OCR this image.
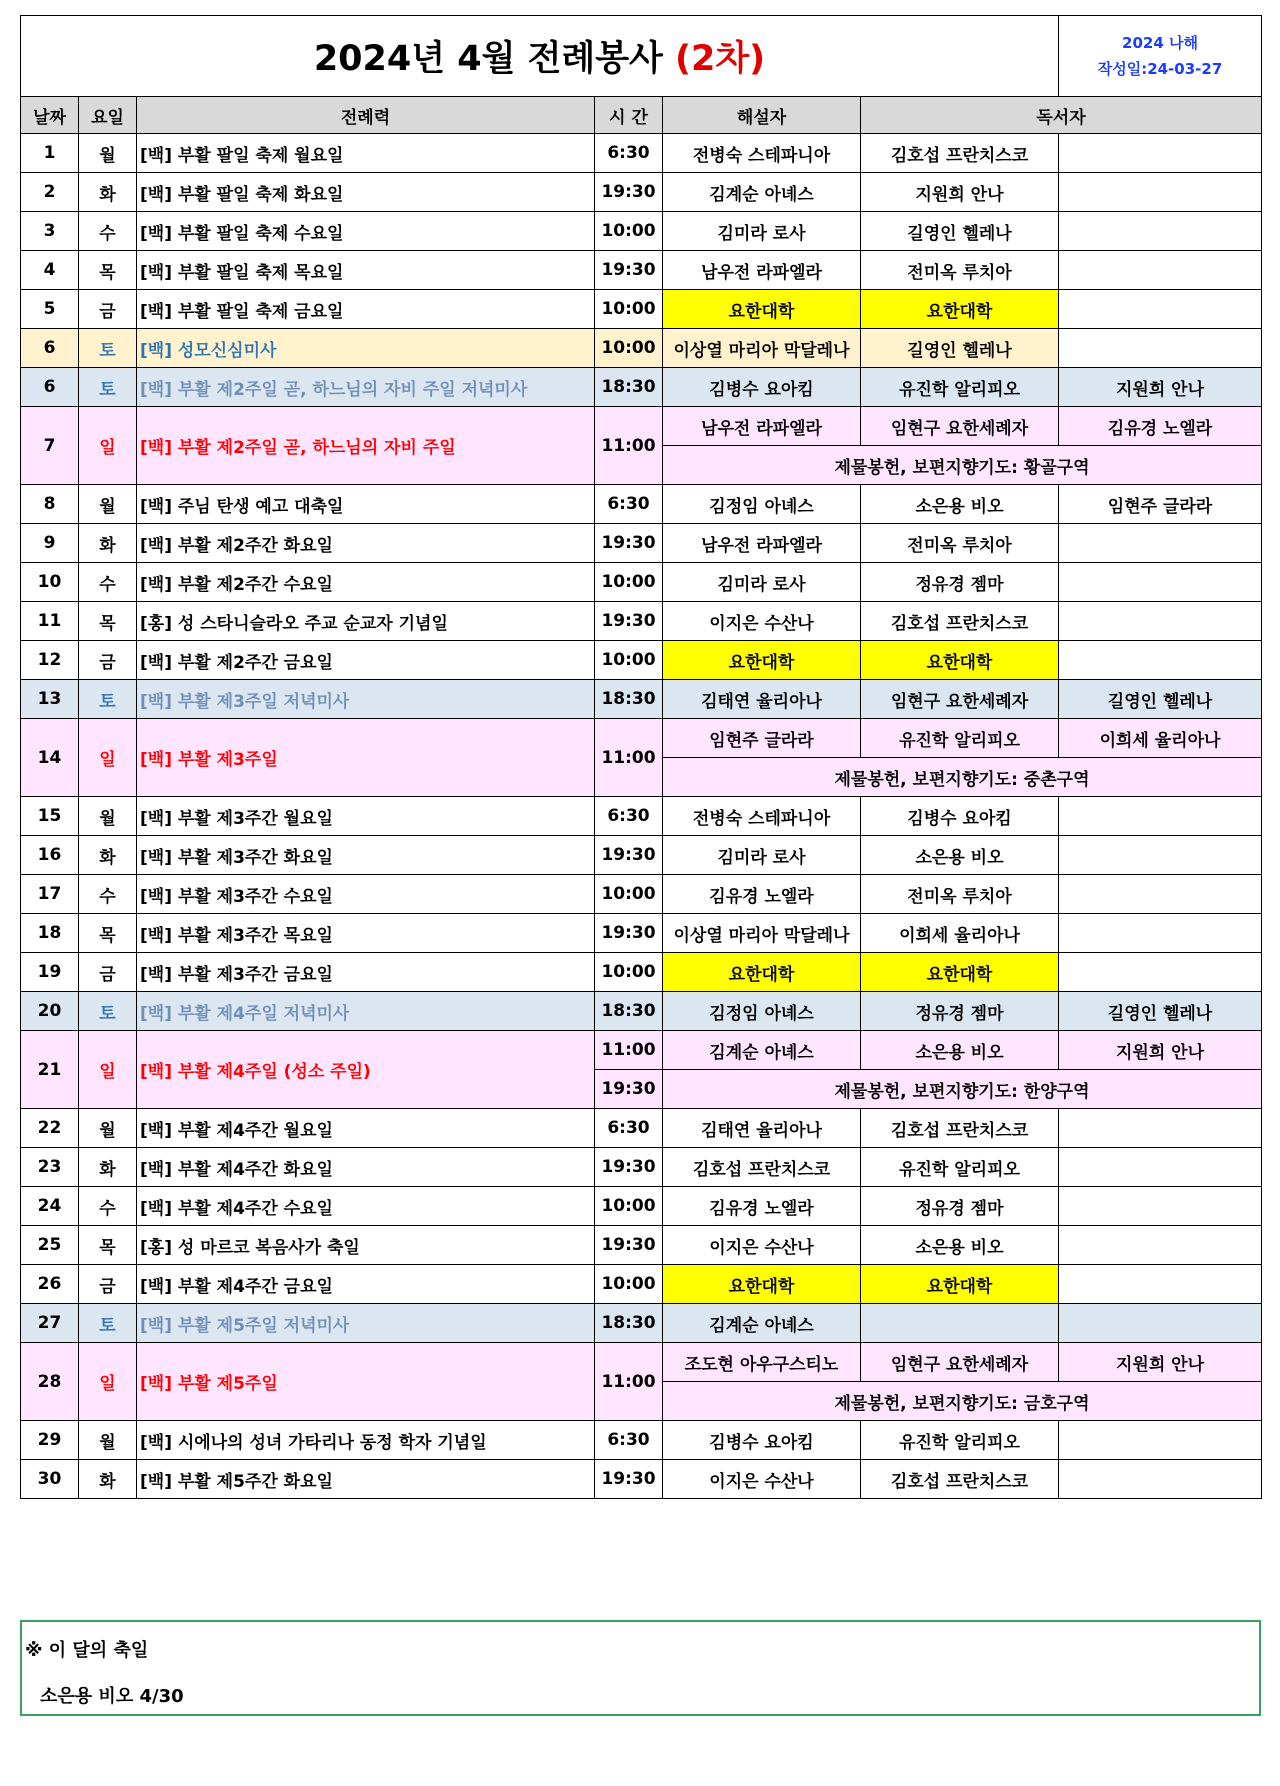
2024년 4월 전례봉사 (2차)						2024 나해
작성일:24-03-27

날짜	요일	전례력	시 간	해설자	독서자	
1	월	[백] 부활 팔일 축제 월요일	6:30	전병숙 스테파니아	김호섭 프란치스코	
2	화	[백] 부활 팔일 축제 화요일	19:30	김계순 아녜스	지원희 안나	
3	수	[백] 부활 팔일 축제 수요일	10:00	김미라 로사	길영인 헬레나	
4	목	[백] 부활 팔일 축제 목요일	19:30	남우전 라파엘라	전미옥 루치아	
5	금	[백] 부활 팔일 축제 금요일	10:00	요한대학	요한대학	
6	토	[백] 성모신심미사	10:00	이상열 마리아 막달레나	길영인 헬레나	
6	토	[백] 부활 제2주일 곧, 하느님의 자비 주일 저녁미사	18:30	김병수 요아킴	유진학 알리피오	지원희 안나
7	일	[백] 부활 제2주일 곧, 하느님의 자비 주일	11:00	남우전 라파엘라	임현구 요한세례자	김유경 노엘라
				제물봉헌, 보편지향기도: 황골구역		
8	월	[백] 주님 탄생 예고 대축일	6:30	김정임 아녜스	소은용 비오	임현주 글라라
9	화	[백] 부활 제2주간 화요일	19:30	남우전 라파엘라	전미옥 루치아	
10	수	[백] 부활 제2주간 수요일	10:00	김미라 로사	정유경 젬마	
11	목	[홍] 성 스타니슬라오 주교 순교자 기념일	19:30	이지은 수산나	김호섭 프란치스코	
12	금	[백] 부활 제2주간 금요일	10:00	요한대학	요한대학	
13	토	[백] 부활 제3주일 저녁미사	18:30	김태연 율리아나	임현구 요한세례자	길영인 헬레나
14	일	[백] 부활 제3주일	11:00	임현주 글라라	유진학 알리피오	이희세 율리아나
				제물봉헌, 보편지향기도: 중촌구역		
15	월	[백] 부활 제3주간 월요일	6:30	전병숙 스테파니아	김병수 요아킴	
16	화	[백] 부활 제3주간 화요일	19:30	김미라 로사	소은용 비오	
17	수	[백] 부활 제3주간 수요일	10:00	김유경 노엘라	전미옥 루치아	
18	목	[백] 부활 제3주간 목요일	19:30	이상열 마리아 막달레나	이희세 율리아나	
19	금	[백] 부활 제3주간 금요일	10:00	요한대학	요한대학	
20	토	[백] 부활 제4주일 저녁미사	18:30	김정임 아녜스	정유경 젬마	길영인 헬레나
21	일	[백] 부활 제4주일 (성소 주일)	11:00	김계순 아녜스	소은용 비오	지원희 안나
			19:30	제물봉헌, 보편지향기도: 한양구역		
22	월	[백] 부활 제4주간 월요일	6:30	김태연 율리아나	김호섭 프란치스코	
23	화	[백] 부활 제4주간 화요일	19:30	김호섭 프란치스코	유진학 알리피오	
24	수	[백] 부활 제4주간 수요일	10:00	김유경 노엘라	정유경 젬마	
25	목	[홍] 성 마르코 복음사가 축일	19:30	이지은 수산나	소은용 비오	
26	금	[백] 부활 제4주간 금요일	10:00	요한대학	요한대학	
27	토	[백] 부활 제5주일 저녁미사	18:30	김계순 아녜스		
28	일	[백] 부활 제5주일	11:00	조도현 아우구스티노	임현구 요한세례자	지원희 안나
				제물봉헌, 보편지향기도: 금호구역		
29	월	[백] 시에나의 성녀 가타리나 동정 학자 기념일	6:30	김병수 요아킴	유진학 알리피오	
30	화	[백] 부활 제5주간 화요일	19:30	이지은 수산나	김호섭 프란치스코	
※ 이 달의 축일
소은용 비오 4/30
